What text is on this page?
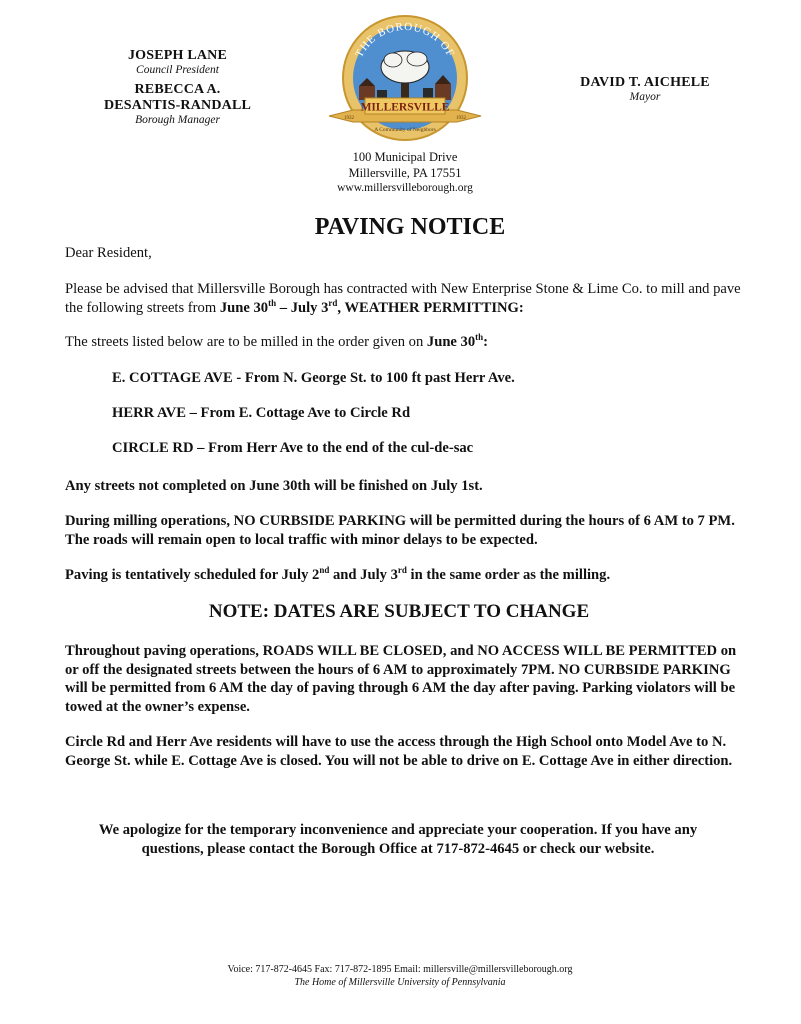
JOSEPH LANE
Council President
REBECCA A.
DESANTIS-RANDALL
Borough Manager
DAVID T. AICHELE
Mayor
THE BOROUGH OF
MILLERSVILLE
1932	1932
A Community of Neighbors
100 Municipal Drive
Millersville, PA 17551
www.millersvilleborough.org
PAVING NOTICE
Dear Resident,
Please be advised that Millersville Borough has contracted with New Enterprise Stone & Lime Co. to mill and pave the following streets from June 30th – July 3rd, WEATHER PERMITTING:
The streets listed below are to be milled in the order given on June 30th:
E. COTTAGE AVE - From N. George St. to 100 ft past Herr Ave.
HERR AVE – From E. Cottage Ave to Circle Rd
CIRCLE RD – From Herr Ave to the end of the cul-de-sac
Any streets not completed on June 30th will be finished on July 1st.
During milling operations, NO CURBSIDE PARKING will be permitted during the hours of 6 AM to 7 PM. The roads will remain open to local traffic with minor delays to be expected.
Paving is tentatively scheduled for July 2nd and July 3rd in the same order as the milling.
NOTE: DATES ARE SUBJECT TO CHANGE
Throughout paving operations, ROADS WILL BE CLOSED, and NO ACCESS WILL BE PERMITTED on or off the designated streets between the hours of 6 AM to approximately 7PM. NO CURBSIDE PARKING will be permitted from 6 AM the day of paving through 6 AM the day after paving. Parking violators will be towed at the owner’s expense.
Circle Rd and Herr Ave residents will have to use the access through the High School onto Model Ave to N. George St. while E. Cottage Ave is closed. You will not be able to drive on E. Cottage Ave in either direction.
We apologize for the temporary inconvenience and appreciate your cooperation. If you have any questions, please contact the Borough Office at 717-872-4645 or check our website.
Voice: 717-872-4645 Fax: 717-872-1895 Email: millersville@millersvilleborough.org
The Home of Millersville University of Pennsylvania
